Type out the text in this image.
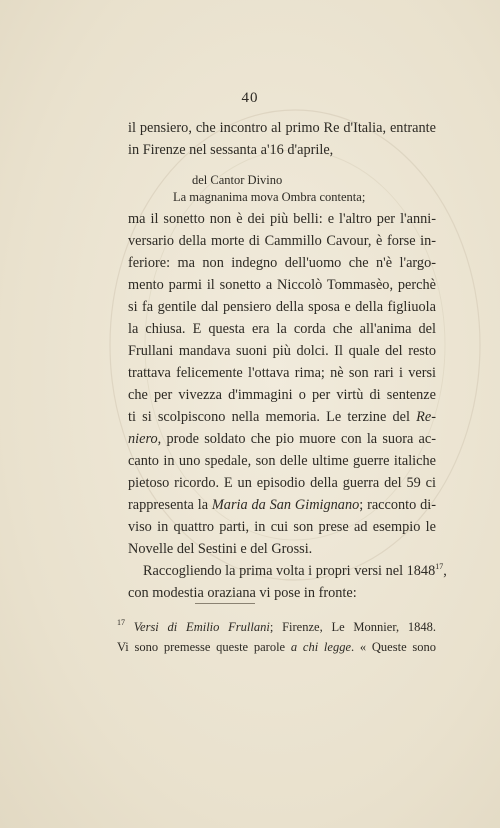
40
il pensiero, che incontro al primo Re d'Italia, entrante
in Firenze nel sessanta a'16 d'aprile,
del Cantor Divino
La magnanima mova Ombra contenta;
ma il sonetto non è dei più belli: e l'altro per l'anni-
versario della morte di Cammillo Cavour, è forse in-
feriore: ma non indegno dell'uomo che n'è l'argo-
mento parmi il sonetto a Niccolò Tommasèo, perchè
si fa gentile dal pensiero della sposa e della figliuola
la chiusa. E questa era la corda che all'anima del
Frullani mandava suoni più dolci. Il quale del resto
trattava felicemente l'ottava rima; nè son rari i versi
che per vivezza d'immagini o per virtù di sentenze
ti si scolpiscono nella memoria. Le terzine del Re-
niero, prode soldato che pio muore con la suora ac-
canto in uno spedale, son delle ultime guerre italiche
pietoso ricordo. E un episodio della guerra del 59 ci
rappresenta la Maria da San Gimignano; racconto di-
viso in quattro parti, in cui son prese ad esempio le
Novelle del Sestini e del Grossi.
Raccogliendo la prima volta i propri versi nel 1848$^{17}$,
con modestia oraziana vi pose in fronte:
$^{17}$ Versi di Emilio Frullani; Firenze, Le Monnier, 1848.
Vi sono premesse queste parole a chi legge. « Queste sono
